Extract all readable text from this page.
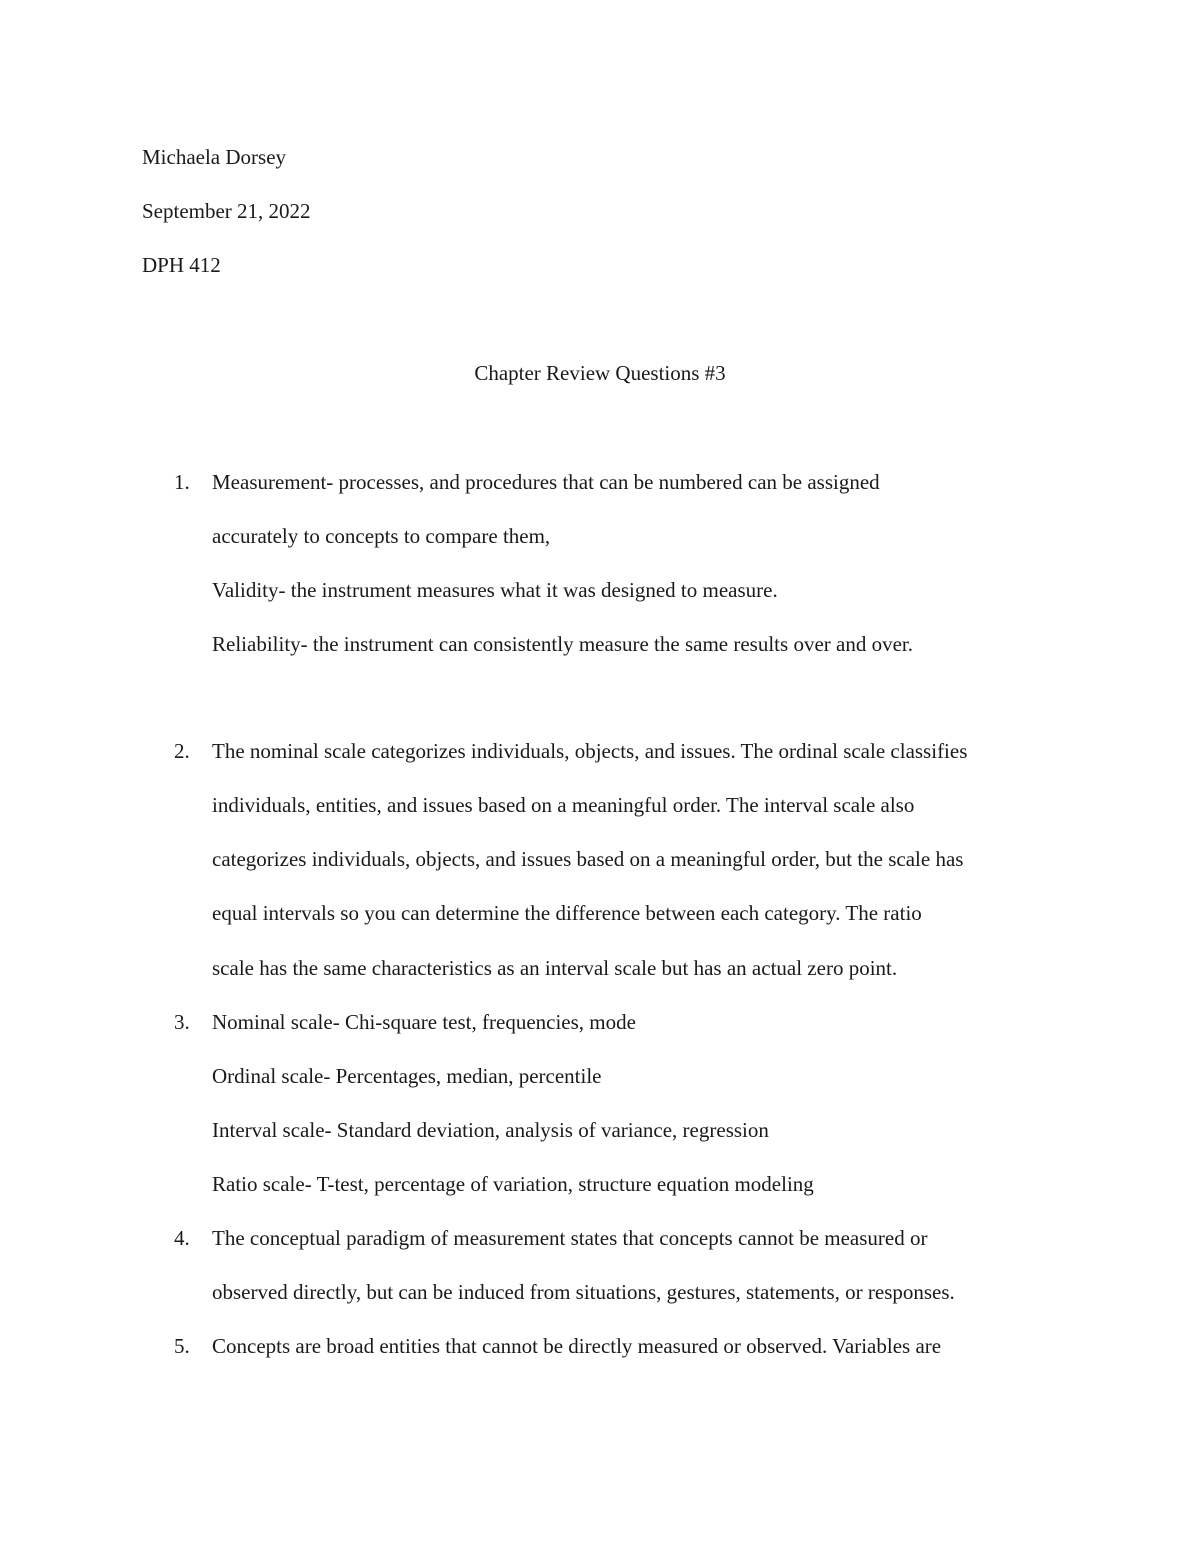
Michaela Dorsey
September 21, 2022
DPH 412
Chapter Review Questions #3
1. Measurement- processes, and procedures that can be numbered can be assigned
accurately to concepts to compare them,
Validity- the instrument measures what it was designed to measure.
Reliability- the instrument can consistently measure the same results over and over.
2. The nominal scale categorizes individuals, objects, and issues. The ordinal scale classifies
individuals, entities, and issues based on a meaningful order. The interval scale also
categorizes individuals, objects, and issues based on a meaningful order, but the scale has
equal intervals so you can determine the difference between each category. The ratio
scale has the same characteristics as an interval scale but has an actual zero point.
3. Nominal scale- Chi-square test, frequencies, mode
Ordinal scale- Percentages, median, percentile
Interval scale- Standard deviation, analysis of variance, regression
Ratio scale- T-test, percentage of variation, structure equation modeling
4. The conceptual paradigm of measurement states that concepts cannot be measured or
observed directly, but can be induced from situations, gestures, statements, or responses.
5. Concepts are broad entities that cannot be directly measured or observed. Variables are
